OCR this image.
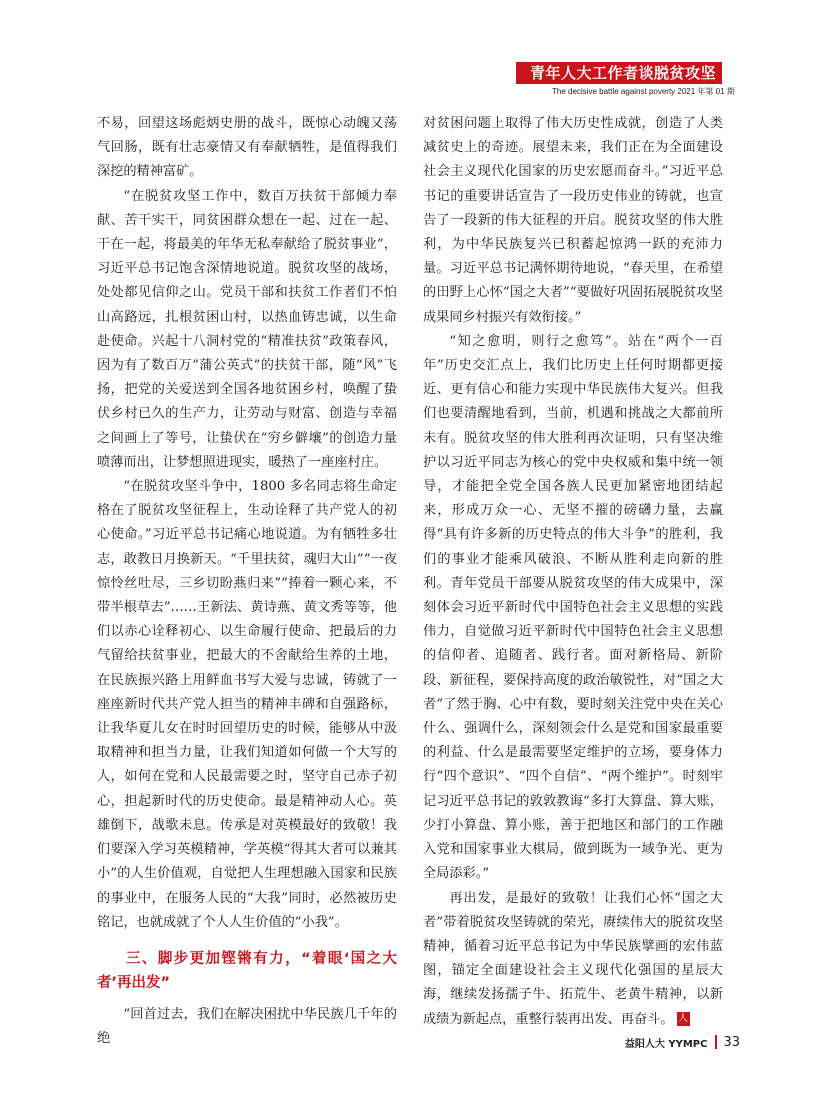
青年人大工作者谈脱贫攻坚
The decisive battle against poverty 2021 年第 01 期

不易，回望这场彪炳史册的战斗，既惊心动魄又荡气回肠，既有壮志豪情又有奉献牺牲，是值得我们深挖的精神富矿。

“在脱贫攻坚工作中，数百万扶贫干部倾力奉献、苦干实干，同贫困群众想在一起、过在一起、干在一起，将最美的年华无私奉献给了脱贫事业”，习近平总书记饱含深情地说道。脱贫攻坚的战场，处处都见信仰之山。党员干部和扶贫工作者们不怕山高路远，扎根贫困山村，以热血铸忠诚，以生命赴使命。兴起十八洞村党的“精准扶贫”政策春风，因为有了数百万“蒲公英式”的扶贫干部，随“风”飞扬，把党的关爱送到全国各地贫困乡村，唤醒了蛰伏乡村已久的生产力，让劳动与财富、创造与幸福之间画上了等号，让蛰伏在“穷乡僻壤”的创造力量喷薄而出，让梦想照进现实，暖热了一座座村庄。

“在脱贫攻坚斗争中，1800 多名同志将生命定格在了脱贫攻坚征程上，生动诠释了共产党人的初心使命。”习近平总书记痛心地说道。为有牺牲多壮志，敢教日月换新天。“千里扶贫，魂归大山”“一夜惊怜丝吐尽，三乡切盼燕归来”“捧着一颗心来，不带半根草去”……王新法、黄诗燕、黄文秀等等，他们以赤心诠释初心、以生命履行使命、把最后的力气留给扶贫事业，把最大的不舍献给生养的土地，在民族振兴路上用鲜血书写大爱与忠诚，铸就了一座座新时代共产党人担当的精神丰碑和自强路标，让我华夏儿女在时时回望历史的时候，能够从中汲取精神和担当力量，让我们知道如何做一个大写的人，如何在党和人民最需要之时，坚守自己赤子初心，担起新时代的历史使命。最是精神动人心。英雄倒下，战歌未息。传承是对英模最好的致敬！我们要深入学习英模精神，学英模“得其大者可以兼其小”的人生价值观，自觉把人生理想融入国家和民族的事业中，在服务人民的“大我”同时，必然被历史铭记，也就成就了个人人生价值的“小我”。

三、脚步更加铿锵有力，“着眼‘国之大者’再出发”

“回首过去，我们在解决困扰中华民族几千年的绝

对贫困问题上取得了伟大历史性成就，创造了人类减贫史上的奇迹。展望未来，我们正在为全面建设社会主义现代化国家的历史宏愿而奋斗。”习近平总书记的重要讲话宣告了一段历史伟业的铸就，也宣告了一段新的伟大征程的开启。脱贫攻坚的伟大胜利，为中华民族复兴已积蓄起惊鸿一跃的充沛力量。习近平总书记满怀期待地说，“春天里，在希望的田野上心怀“国之大者”“要做好巩固拓展脱贫攻坚成果同乡村振兴有效衔接。”

“知之愈明，则行之愈笃”。站在“两个一百年”历史交汇点上，我们比历史上任何时期都更接近、更有信心和能力实现中华民族伟大复兴。但我们也要清醒地看到，当前，机遇和挑战之大都前所未有。脱贫攻坚的伟大胜利再次证明，只有坚决维护以习近平同志为核心的党中央权威和集中统一领导，才能把全党全国各族人民更加紧密地团结起来，形成万众一心、无坚不摧的磅礴力量，去赢得“具有许多新的历史特点的伟大斗争”的胜利，我们的事业才能乘风破浪、不断从胜利走向新的胜利。青年党员干部要从脱贫攻坚的伟大成果中，深刻体会习近平新时代中国特色社会主义思想的实践伟力，自觉做习近平新时代中国特色社会主义思想的信仰者、追随者、践行者。面对新格局、新阶段、新征程，要保持高度的政治敏锐性，对“国之大者”了然于胸、心中有数，要时刻关注党中央在关心什么、强调什么，深刻领会什么是党和国家最重要的利益、什么是最需要坚定维护的立场，要身体力行“四个意识”、“四个自信”、“两个维护”。时刻牢记习近平总书记的敦敦教诲“多打大算盘、算大账，少打小算盘、算小账，善于把地区和部门的工作融入党和国家事业大棋局，做到既为一域争光、更为全局添彩。”

再出发，是最好的致敬！让我们心怀“国之大者”带着脱贫攻坚铸就的荣光，赓续伟大的脱贫攻坚精神，循着习近平总书记为中华民族擘画的宏伟蓝图，锚定全面建设社会主义现代化强国的星辰大海，继续发扬孺子牛、拓荒牛、老黄牛精神，以新成绩为新起点，重整行装再出发、再奋斗。 人

益阳人大 YYMPC 33
